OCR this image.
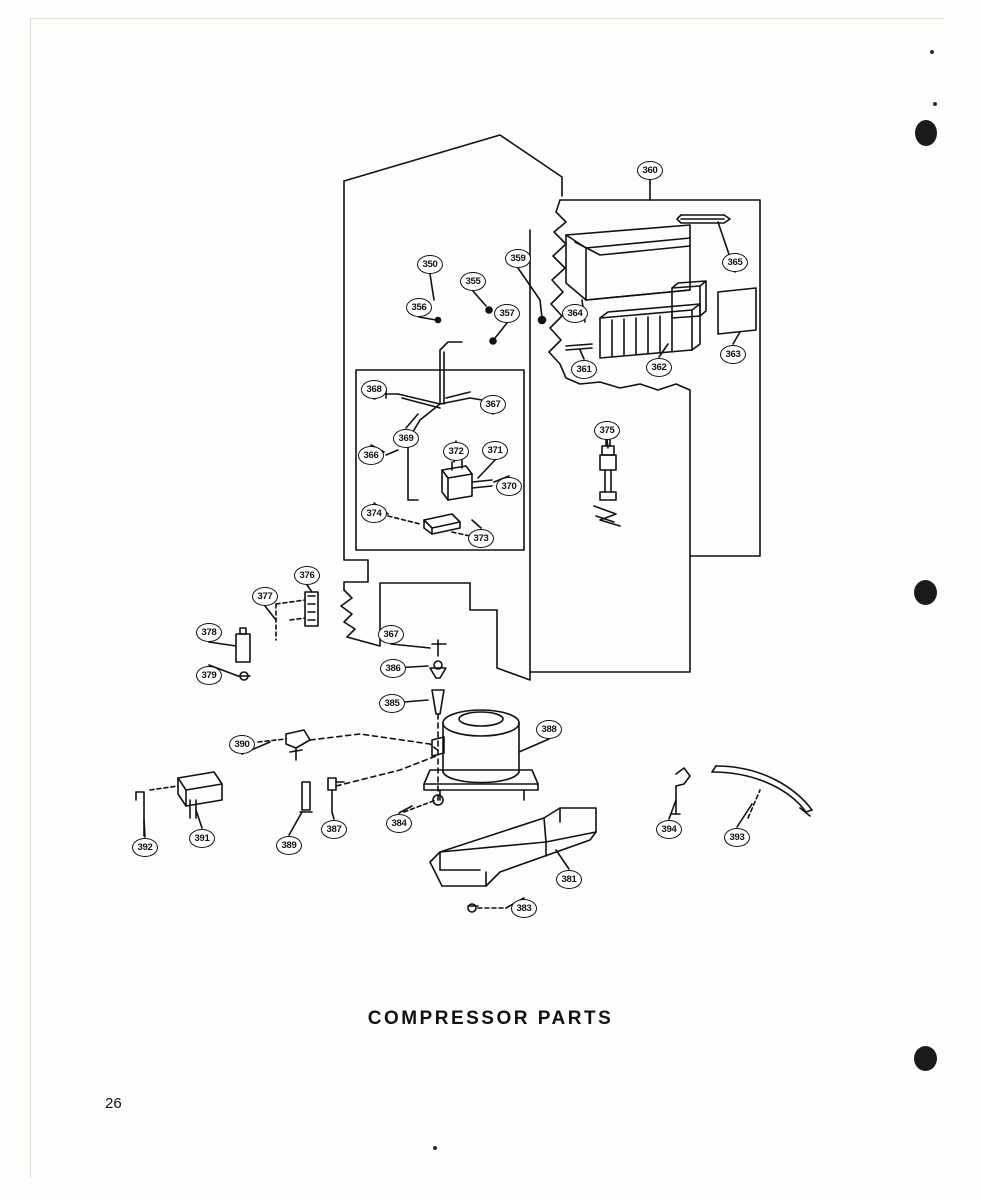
360
359
350
355
365
356
357	364
363
361	362
368
367
369
375
366	372	371
370
374
373
376
377
378	367
379
386
385
388
390
391
392	389
387
384
394
393
381
383
COMPRESSOR PARTS
26
